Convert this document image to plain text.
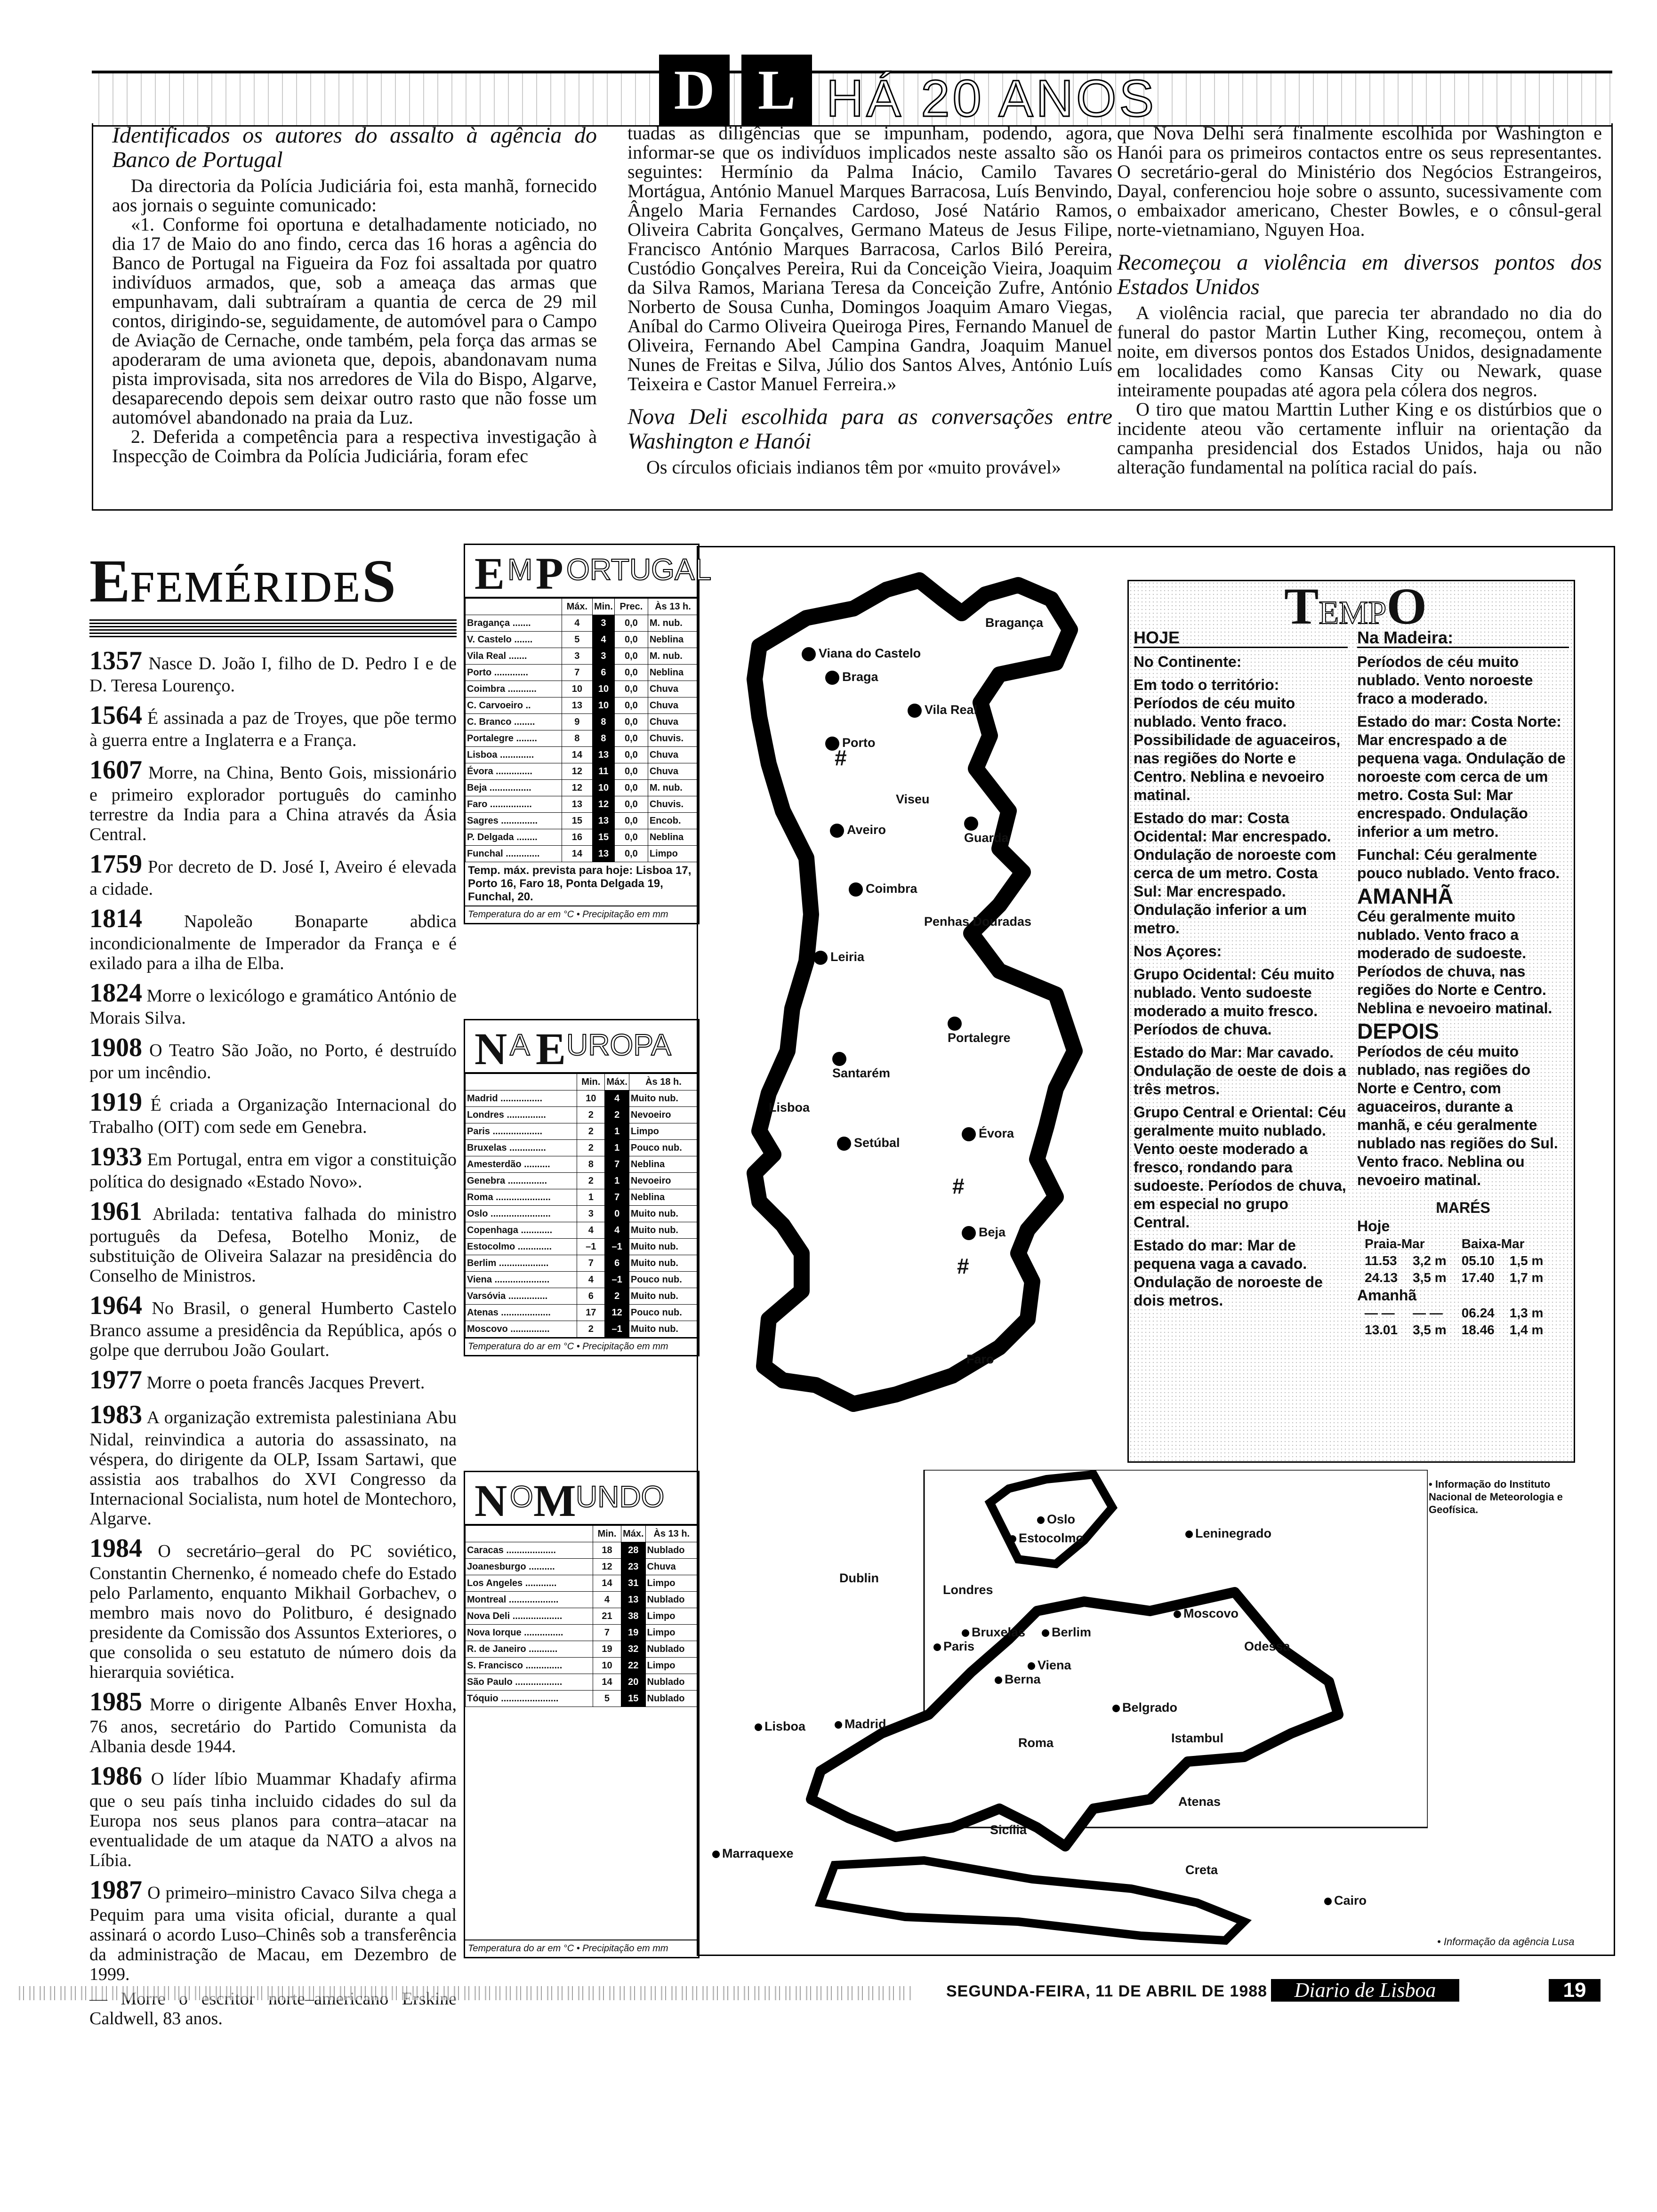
D L HÁ 20 ANOS
Identificados os autores do assalto à agência do Banco de Portugal

Da directoria da Polícia Judiciária foi, esta manhã, fornecido aos jornais o seguinte comunicado:

«1. Conforme foi oportuna e detalhadamente noticiado, no dia 17 de Maio do ano findo, cerca das 16 horas a agência do Banco de Portugal na Figueira da Foz foi assaltada por quatro indivíduos armados, que, sob a ameaça das armas que empunhavam, dali subtraíram a quantia de cerca de 29 mil contos, dirigindo-se, seguidamente, de automóvel para o Campo de Aviação de Cernache, onde também, pela força das armas se apoderaram de uma avioneta que, depois, abandonavam numa pista improvisada, sita nos arredores de Vila do Bispo, Algarve, desaparecendo depois sem deixar outro rasto que não fosse um automóvel abandonado na praia da Luz.

2. Deferida a competência para a respectiva investigação à Inspecção de Coimbra da Polícia Judiciária, foram efec

tuadas as diligências que se impunham, podendo, agora, informar-se que os indivíduos implicados neste assalto são os seguintes: Hermínio da Palma Inácio, Camilo Tavares Mortágua, António Manuel Marques Barracosa, Luís Benvindo, Ângelo Maria Fernandes Cardoso, José Natário Ramos, Oliveira Cabrita Gonçalves, Germano Mateus de Jesus Filipe, Francisco António Marques Barracosa, Carlos Biló Pereira, Custódio Gonçalves Pereira, Rui da Conceição Vieira, Joaquim da Silva Ramos, Mariana Teresa da Conceição Zufre, António Norberto de Sousa Cunha, Domingos Joaquim Amaro Viegas, Aníbal do Carmo Oliveira Queiroga Pires, Fernando Manuel de Oliveira, Fernando Abel Campina Gandra, Joaquim Manuel Nunes de Freitas e Silva, Júlio dos Santos Alves, António Luís Teixeira e Castor Manuel Ferreira.»

Nova Deli escolhida para as conversações entre Washington e Hanói

Os círculos oficiais indianos têm por «muito provável»

que Nova Delhi será finalmente escolhida por Washington e Hanói para os primeiros contactos entre os seus representantes. O secretário-geral do Ministério dos Negócios Estrangeiros, Dayal, conferenciou hoje sobre o assunto, sucessivamente com o embaixador americano, Chester Bowles, e o cônsul-geral norte-vietnamiano, Nguyen Hoa.

Recomeçou a violência em diversos pontos dos Estados Unidos

A violência racial, que parecia ter abrandado no dia do funeral do pastor Martin Luther King, recomeçou, ontem à noite, em diversos pontos dos Estados Unidos, designadamente em localidades como Kansas City ou Newark, quase inteiramente poupadas até agora pela cólera dos negros.

O tiro que matou Marttin Luther King e os distúrbios que o incidente ateou vão certamente influir na orientação da campanha presidencial dos Estados Unidos, haja ou não alteração fundamental na política racial do país.

EFEMÉRIDES
1357 Nasce D. João I, filho de D. Pedro I e de D. Teresa Lourenço.
1564 É assinada a paz de Troyes, que põe termo à guerra entre a Inglaterra e a França.
1607 Morre, na China, Bento Gois, missionário e primeiro explorador português do caminho terrestre da India para a China através da Ásia Central.
1759 Por decreto de D. José I, Aveiro é elevada a cidade.
1814 Napoleão Bonaparte abdica incondicionalmente de Imperador da França e é exilado para a ilha de Elba.
1824 Morre o lexicólogo e gramático António de Morais Silva.
1908 O Teatro São João, no Porto, é destruído por um incêndio.
1919 É criada a Organização Internacional do Trabalho (OIT) com sede em Genebra.
1933 Em Portugal, entra em vigor a constituição política do designado «Estado Novo».
1961 Abrilada: tentativa falhada do ministro português da Defesa, Botelho Moniz, de substituição de Oliveira Salazar na presidência do Conselho de Ministros.
1964 No Brasil, o general Humberto Castelo Branco assume a presidência da República, após o golpe que derrubou João Goulart.
1977 Morre o poeta francês Jacques Prevert.
1983 A organização extremista palestiniana Abu Nidal, reinvindica a autoria do assassinato, na véspera, do dirigente da OLP, Issam Sartawi, que assistia aos trabalhos do XVI Congresso da Internacional Socialista, num hotel de Montechoro, Algarve.
1984 O secretário–geral do PC soviético, Constantin Chernenko, é nomeado chefe do Estado pelo Parlamento, enquanto Mikhail Gorbachev, o membro mais novo do Politburo, é designado presidente da Comissão dos Assuntos Exteriores, o que consolida o seu estatuto de número dois da hierarquia soviética.
1985 Morre o dirigente Albanês Enver Hoxha, 76 anos, secretário do Partido Comunista da Albania desde 1944.
1986 O líder líbio Muammar Khadafy afirma que o seu país tinha incluido cidades do sul da Europa nos seus planos para contra–atacar na eventualidade de um ataque da NATO a alvos na Líbia.
1987 O primeiro–ministro Cavaco Silva chega a Pequim para uma visita oficial, durante a qual assinará o acordo Luso–Chinês sob a transferência da administração de Macau, em Dezembro de 1999.
Caldwell, 83 anos.
E M P ORTUGAL
	Máx.	Min.	Prec.	Às 13 h.
Bragança .......	4	3	0,0	M. nub.
V. Castelo .......	5	4	0,0	Neblina
Vila Real .......	3	3	0,0	M. nub.
Porto .............	7	6	0,0	Neblina
Coimbra ...........	10	10	0,0	Chuva
C. Carvoeiro ..	13	10	0,0	Chuva
C. Branco ........	9	8	0,0	Chuva
Portalegre ........	8	8	0,0	Chuvis.
Lisboa .............	14	13	0,0	Chuva
Évora ..............	12	11	0,0	Chuva
Beja ................	12	10	0,0	M. nub.
Faro ................	13	12	0,0	Chuvis.
Sagres ..............	15	13	0,0	Encob.
P. Delgada ........	16	15	0,0	Neblina
Funchal .............	14	13	0,0	Limpo
Temp. máx. prevista para hoje: Lisboa 17, Porto 16, Faro 18, Ponta Delgada 19, Funchal, 20.
Temperatura do ar em °C • Precipitação em mm
N A E UROPA
	Min.	Máx.	Às 18 h.
Madrid ................	10	4	Muito nub.
Londres ...............	2	2	Nevoeiro
Paris ...................	2	1	Limpo
Bruxelas ..............	2	1	Pouco nub.
Amesterdão ..........	8	7	Neblina
Genebra ...............	2	1	Nevoeiro
Roma .....................	1	7	Neblina
Oslo .......................	3	0	Muito nub.
Copenhaga ............	4	4	Muito nub.
Estocolmo .............	–1	–1	Muito nub.
Berlim ...................	7	6	Muito nub.
Viena .....................	4	–1	Pouco nub.
Varsóvia ...............	6	2	Muito nub.
Atenas ...................	17	12	Pouco nub.
Moscovo ...............	2	–1	Muito nub.
Temperatura do ar em °C • Precipitação em mm
N O M UNDO
	Min.	Máx.	Às 13 h.
Caracas ...................	18	28	Nublado
Joanesburgo ..........	12	23	Chuva
Los Angeles ............	14	31	Limpo
Montreal ...................	4	13	Nublado
Nova Deli ...................	21	38	Limpo
Nova Iorque ...............	7	19	Limpo
R. de Janeiro ...........	19	32	Nublado
S. Francisco ..............	10	22	Limpo
São Paulo ..................	14	20	Nublado
Tóquio ......................	5	15	Nublado
Temperatura do ar em °C • Precipitação em mm
Bragança
Viana do Castelo
Braga
Vila Real
Porto
Viseu
Aveiro

Guarda
Coimbra
Penhas Douradas
Leiria

Portalegre

Santarém
Lisboa
Setúbal
Évora
Beja
Faro
#
#
#
Oslo
Estocolmo	Leninegrado
Dublin
Londres
Moscovo
Bruxelas	Berlim
Paris	Odessa
Viena
Berna
Belgrado
Lisboa	Madrid
Istambul
Roma
Atenas
Sicília
Marraquexe
Creta
Cairo
• Informação da agência Lusa
TEMPO
HOJE

No Continente:

Em todo o território: Períodos de céu muito nublado. Vento fraco. Possibilidade de aguaceiros, nas regiões do Norte e Centro. Neblina e nevoeiro matinal.

Estado do mar: Costa Ocidental: Mar encrespado. Ondulação de noroeste com cerca de um metro. Costa Sul: Mar encrespado. Ondulação inferior a um metro.

Nos Açores:

Grupo Ocidental: Céu muito nublado. Vento sudoeste moderado a muito fresco. Períodos de chuva.

Estado do Mar: Mar cavado. Ondulação de oeste de dois a três metros.

Grupo Central e Oriental: Céu geralmente muito nublado. Vento oeste moderado a fresco, rondando para sudoeste. Períodos de chuva, em especial no grupo Central.

Estado do mar: Mar de pequena vaga a cavado. Ondulação de noroeste de dois metros.

Na Madeira:

Períodos de céu muito nublado. Vento noroeste fraco a moderado.

Estado do mar: Costa Norte: Mar encrespado a de pequena vaga. Ondulação de noroeste com cerca de um metro. Costa Sul: Mar encrespado. Ondulação inferior a um metro.

Funchal: Céu geralmente pouco nublado. Vento fraco.

AMANHÃ

Céu geralmente muito nublado. Vento fraco a moderado de sudoeste. Períodos de chuva, nas regiões do Norte e Centro. Neblina e nevoeiro matinal.

DEPOIS

Períodos de céu muito nublado, nas regiões do Norte e Centro, com aguaceiros, durante a manhã, e céu geralmente nublado nas regiões do Sul. Vento fraco. Neblina ou nevoeiro matinal.

MARÉS
Hoje
Praia-Mar		Baixa-Mar	
11.53	3,2 m	05.10	1,5 m
24.13	3,5 m	17.40	1,7 m
Amanhã
— —	— —	06.24	1,3 m
13.01	3,5 m	18.46	1,4 m
• Informação do Instituto Nacional de Meteorologia e Geofísica.
SEGUNDA-FEIRA, 11 DE ABRIL DE 1988	Diario de Lisboa	19
